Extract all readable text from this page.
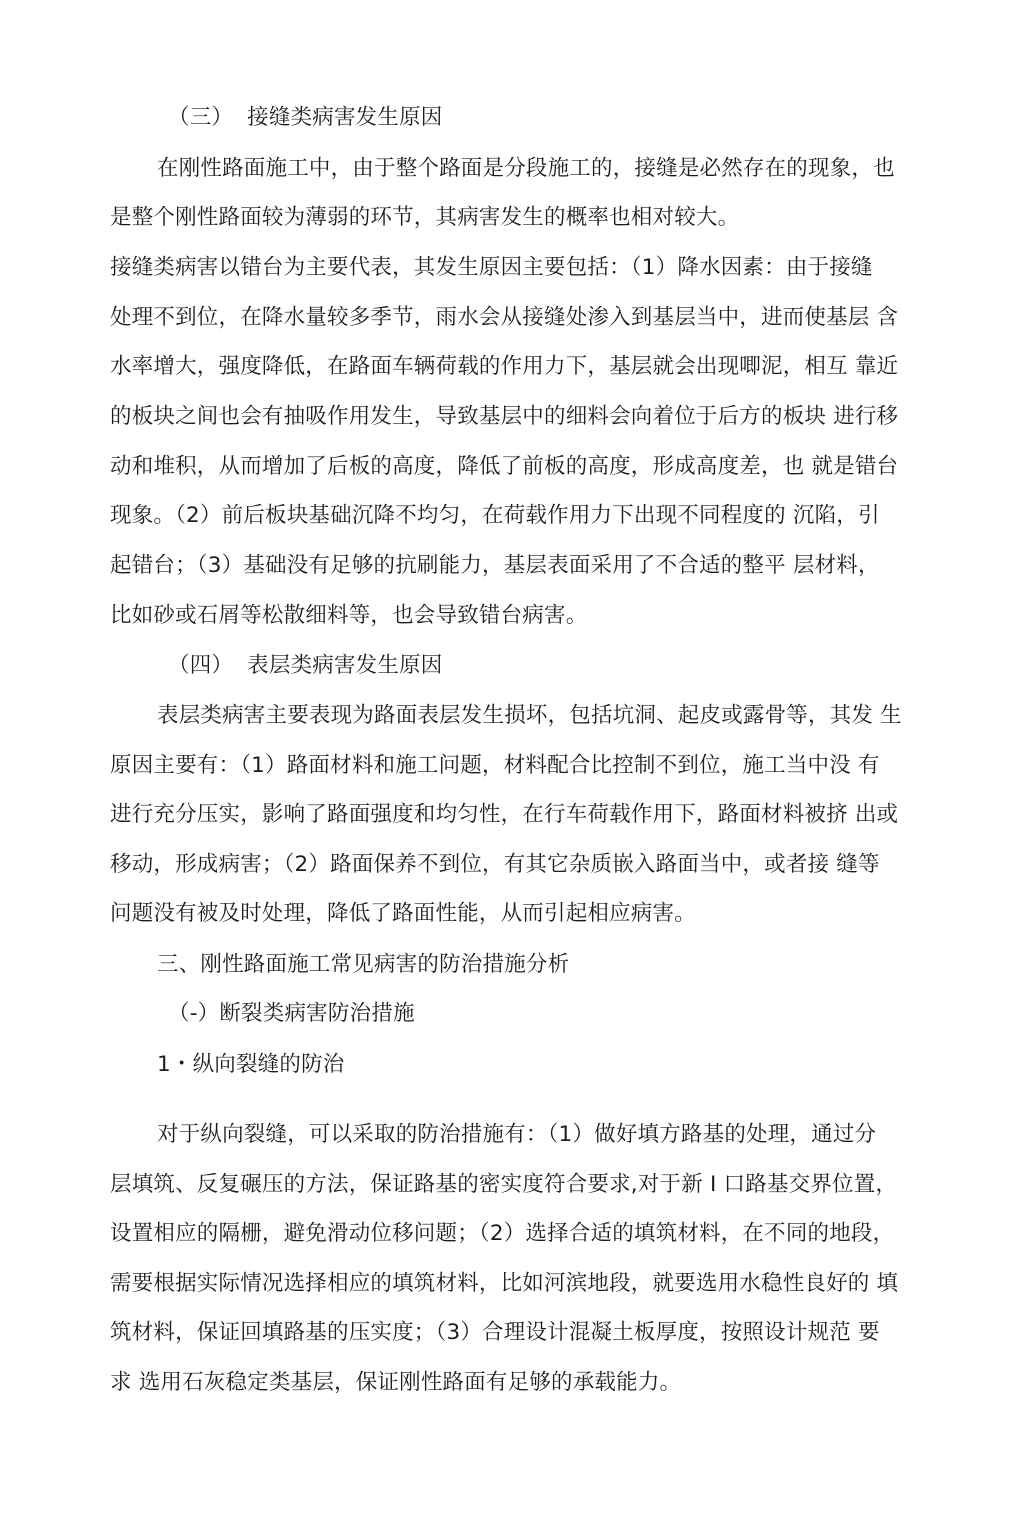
（三）  接缝类病害发生原因
在刚性路面施工中，由于整个路面是分段施工的，接缝是必然存在的现象，也
是整个刚性路面较为薄弱的环节，其病害发生的概率也相对较大。
接缝类病害以错台为主要代表，其发生原因主要包括：（1）降水因素：由于接缝
处理不到位，在降水量较多季节，雨水会从接缝处渗入到基层当中，进而使基层 含
水率增大，强度降低，在路面车辆荷载的作用力下，基层就会出现唧泥，相互 靠近
的板块之间也会有抽吸作用发生，导致基层中的细料会向着位于后方的板块 进行移
动和堆积，从而增加了后板的高度，降低了前板的高度，形成高度差，也 就是错台
现象。（2）前后板块基础沉降不均匀，在荷载作用力下出现不同程度的 沉陷，引
起错台；（3）基础没有足够的抗刷能力，基层表面采用了不合适的整平 层材料，
比如砂或石屑等松散细料等，也会导致错台病害。
（四）  表层类病害发生原因
表层类病害主要表现为路面表层发生损坏，包括坑洞、起皮或露骨等，其发 生
原因主要有：（1）路面材料和施工问题，材料配合比控制不到位，施工当中没 有
进行充分压实，影响了路面强度和均匀性，在行车荷载作用下，路面材料被挤 出或
移动，形成病害；（2）路面保养不到位，有其它杂质嵌入路面当中，或者接 缝等
问题没有被及时处理，降低了路面性能，从而引起相应病害。
三、刚性路面施工常见病害的防治措施分析
（-）断裂类病害防治措施
1・纵向裂缝的防治
对于纵向裂缝，可以采取的防治措施有：（1）做好填方路基的处理，通过分
层填筑、反复碾压的方法，保证路基的密实度符合要求,对于新 I 口路基交界位置，
设置相应的隔栅，避免滑动位移问题；（2）选择合适的填筑材料，在不同的地段，
需要根据实际情况选择相应的填筑材料，比如河滨地段，就要选用水稳性良好的 填
筑材料，保证回填路基的压实度；（3）合理设计混凝土板厚度，按照设计规范 要
求 选用石灰稳定类基层，保证刚性路面有足够的承载能力。
